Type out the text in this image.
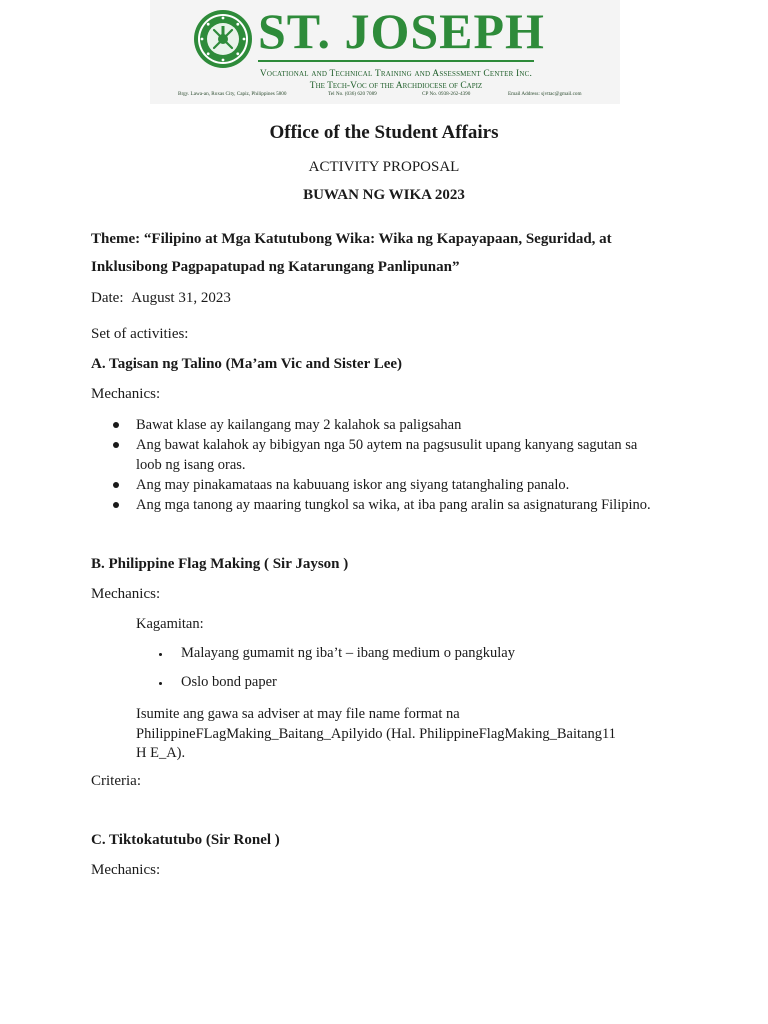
ST. JOSEPH
Vocational and Technical Training and Assessment Center Inc.
The Tech-Voc of the Archdiocese of Capiz
Brgy. Lawa-an, Roxas City, Capiz, Philippines 5800	Tel No. (036) 620 7089	CP No. 0938-262-4390	Email Address: sjvttac@gmail.com
Office of the Student Affairs
ACTIVITY PROPOSAL
BUWAN NG WIKA 2023
Theme: “Filipino at Mga Katutubong Wika: Wika ng Kapayapaan, Seguridad, at
Inklusibong Pagpapatupad ng Katarungang Panlipunan”
Date: August 31, 2023
Set of activities:
A. Tagisan ng Talino (Ma’am Vic and Sister Lee)
Mechanics:
Bawat klase ay kailangang may 2 kalahok sa paligsahan
Ang bawat kalahok ay bibigyan nga 50 aytem na pagsusulit upang kanyang sagutan sa
loob ng isang oras.
Ang may pinakamataas na kabuuang iskor ang siyang tatanghaling panalo.
Ang mga tanong ay maaring tungkol sa wika, at iba pang aralin sa asignaturang Filipino.
B. Philippine Flag Making ( Sir Jayson )
Mechanics:
Kagamitan:
Malayang gumamit ng iba’t – ibang medium o pangkulay
Oslo bond paper
Isumite ang gawa sa adviser at may file name format na
PhilippineFLagMaking_Baitang_Apilyido (Hal. PhilippineFlagMaking_Baitang11
H E_A).
Criteria:
C. Tiktokatutubo (Sir Ronel )
Mechanics:
